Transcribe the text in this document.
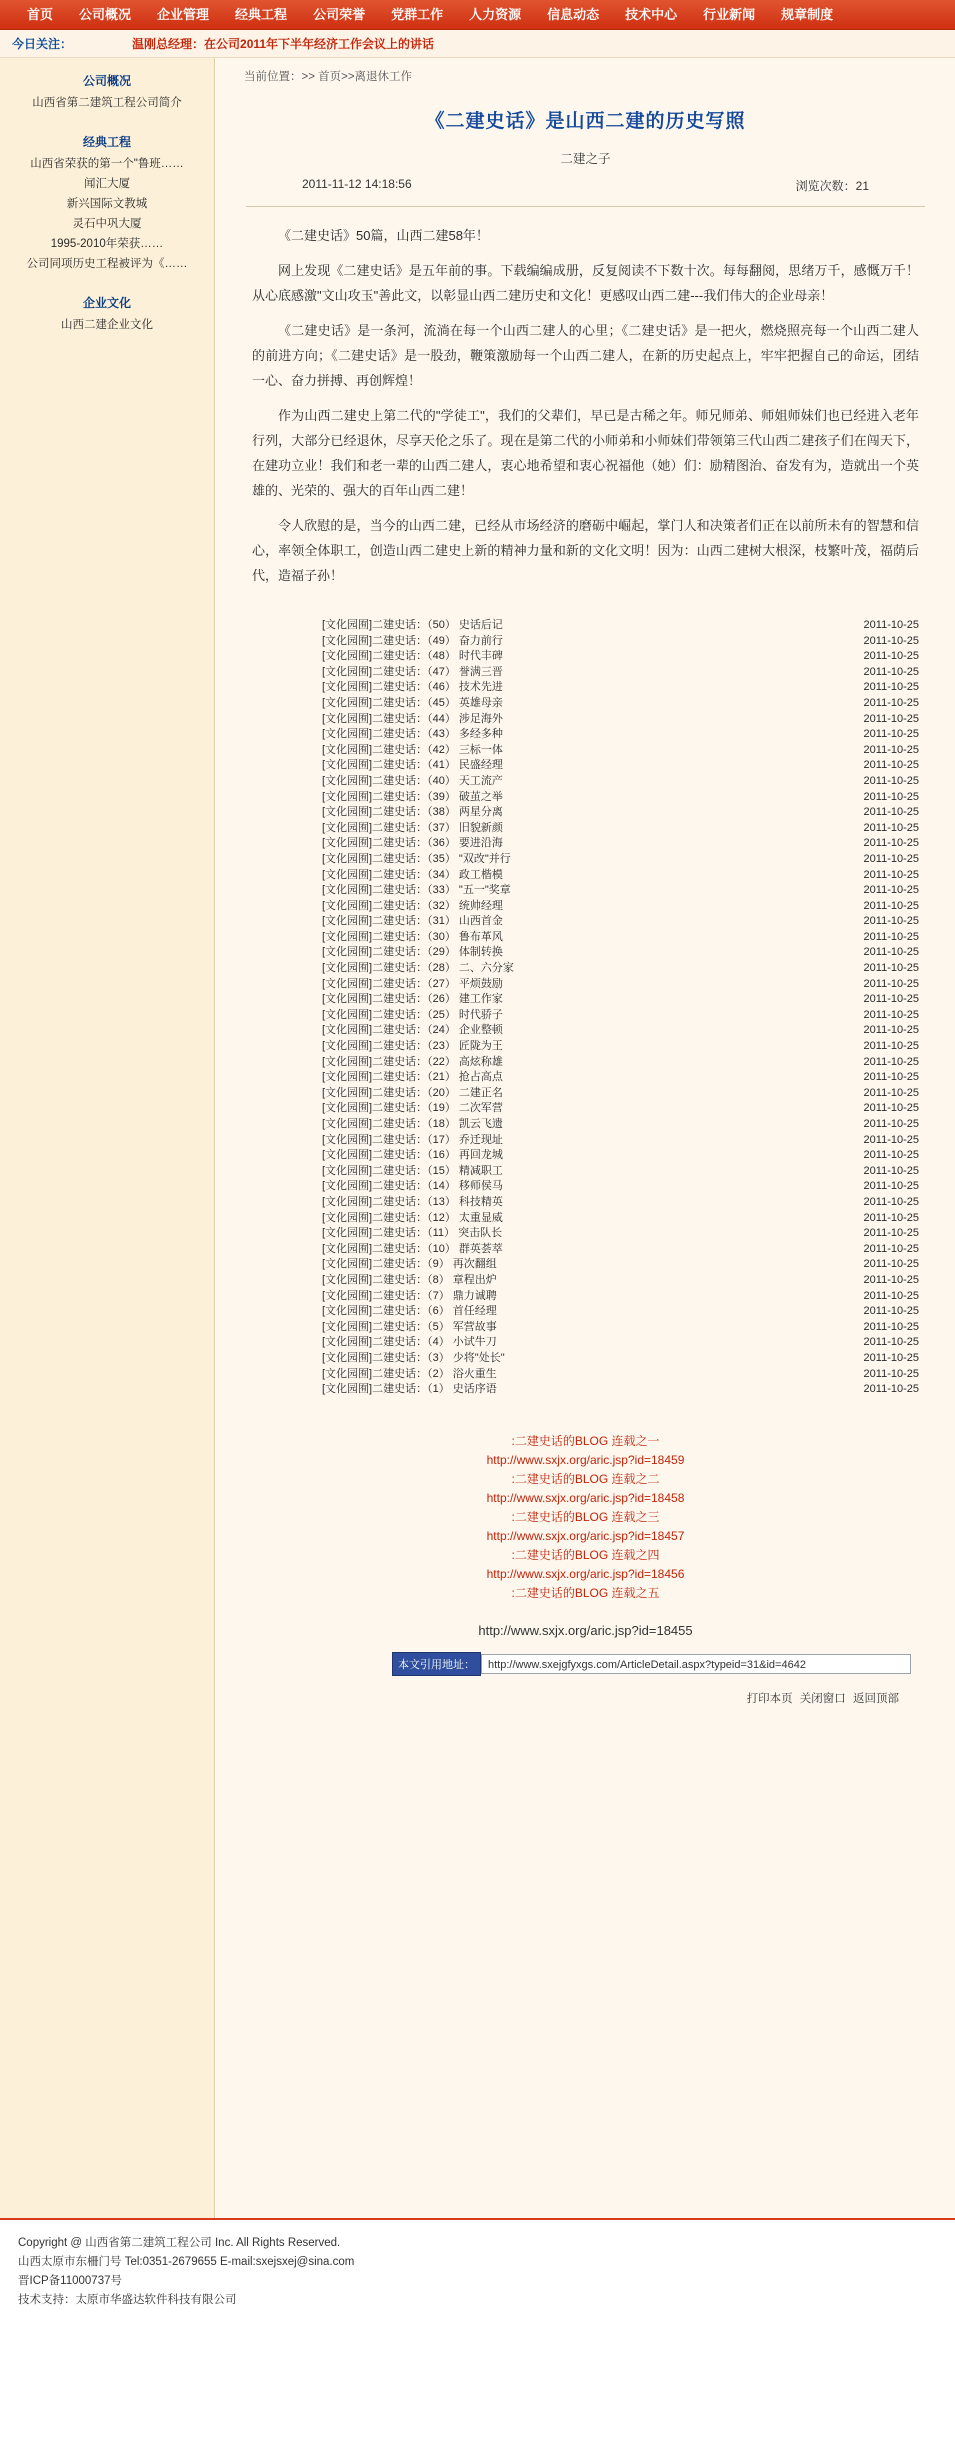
首页	公司概况	企业管理	经典工程	公司荣誉	党群工作	人力资源	信息动态	技术中心	行业新闻	规章制度
今日关注：	温刚总经理：在公司2011年下半年经济工作会议上的讲话
公司概况
山西省第二建筑工程公司简介
经典工程
山西省荣获的第一个"鲁班……
闻汇大厦
新兴国际文教城
灵石中巩大厦
1995-2010年荣获……
公司同项历史工程被评为《……
企业文化
山西二建企业文化
当前位置：>> 首页>>离退休工作
《二建史话》是山西二建的历史写照
二建之子
2011-11-12 14:18:56	浏览次数：21

《二建史话》50篇，山西二建58年！

网上发现《二建史话》是五年前的事。下载编编成册，反复阅读不下数十次。每每翻阅，思绪万千，感慨万千！从心底感激"文山攻玉"善此文，以彰显山西二建历史和文化！更感叹山西二建---我们伟大的企业母亲！

《二建史话》是一条河，流淌在每一个山西二建人的心里；《二建史话》是一把火，燃烧照亮每一个山西二建人的前进方向；《二建史话》是一股劲，鞭策激励每一个山西二建人，在新的历史起点上，牢牢把握自己的命运，团结一心、奋力拼搏、再创辉煌！

作为山西二建史上第二代的"学徒工"，我们的父辈们，早已是古稀之年。师兄师弟、师姐师妹们也已经进入老年行列，大部分已经退休，尽享天伦之乐了。现在是第二代的小师弟和小师妹们带领第三代山西二建孩子们在闯天下，在建功立业！我们和老一辈的山西二建人，衷心地希望和衷心祝福他（她）们：励精图治、奋发有为，造就出一个英雄的、光荣的、强大的百年山西二建！

令人欣慰的是，当今的山西二建，已经从市场经济的磨砺中崛起，掌门人和决策者们正在以前所未有的智慧和信心，率领全体职工，创造山西二建史上新的精神力量和新的文化文明！因为：山西二建树大根深，枝繁叶茂，福荫后代，造福子孙！

[文化园囿] 二建史话：（50） 史话后记	2011-10-25
[文化园囿] 二建史话：（49） 奋力前行	2011-10-25
[文化园囿] 二建史话：（48） 时代丰碑	2011-10-25
[文化园囿] 二建史话：（47） 誉满三晋	2011-10-25
[文化园囿] 二建史话：（46） 技术先进	2011-10-25
[文化园囿] 二建史话：（45） 英雄母亲	2011-10-25
[文化园囿] 二建史话：（44） 涉足海外	2011-10-25
[文化园囿] 二建史话：（43） 多经多种	2011-10-25
[文化园囿] 二建史话：（42） 三标一体	2011-10-25
[文化园囿] 二建史话：（41） 民盛经理	2011-10-25
[文化园囿] 二建史话：（40） 天工流产	2011-10-25
[文化园囿] 二建史话：（39） 破茧之举	2011-10-25
[文化园囿] 二建史话：（38） 两星分离	2011-10-25
[文化园囿] 二建史话：（37） 旧貌新颜	2011-10-25
[文化园囿] 二建史话：（36） 要进沿海	2011-10-25
[文化园囿] 二建史话：（35） "双改"并行	2011-10-25
[文化园囿] 二建史话：（34） 政工楷模	2011-10-25
[文化园囿] 二建史话：（33） "五一"奖章	2011-10-25
[文化园囿] 二建史话：（32） 统帅经理	2011-10-25
[文化园囿] 二建史话：（31） 山西首金	2011-10-25
[文化园囿] 二建史话：（30） 鲁布革风	2011-10-25
[文化园囿] 二建史话：（29） 体制转换	2011-10-25
[文化园囿] 二建史话：（28） 二、六分家	2011-10-25
[文化园囿] 二建史话：（27） 平烦鼓励	2011-10-25
[文化园囿] 二建史话：（26） 建工作家	2011-10-25
[文化园囿] 二建史话：（25） 时代骄子	2011-10-25
[文化园囿] 二建史话：（24） 企业整顿	2011-10-25
[文化园囿] 二建史话：（23） 匠陇为王	2011-10-25
[文化园囿] 二建史话：（22） 高炫称雄	2011-10-25
[文化园囿] 二建史话：（21） 抢占高点	2011-10-25
[文化园囿] 二建史话：（20） 二建正名	2011-10-25
[文化园囿] 二建史话：（19） 二次军营	2011-10-25
[文化园囿] 二建史话：（18） 凯云飞遗	2011-10-25
[文化园囿] 二建史话：（17） 乔迁现址	2011-10-25
[文化园囿] 二建史话：（16） 再回龙城	2011-10-25
[文化园囿] 二建史话：（15） 精减职工	2011-10-25
[文化园囿] 二建史话：（14） 移师侯马	2011-10-25
[文化园囿] 二建史话：（13） 科技精英	2011-10-25
[文化园囿] 二建史话：（12） 太重显威	2011-10-25
[文化园囿] 二建史话：（11） 突击队长	2011-10-25
[文化园囿] 二建史话：（10） 群英荟萃	2011-10-25
[文化园囿] 二建史话：（9） 再次翻组	2011-10-25
[文化园囿] 二建史话：（8） 章程出炉	2011-10-25
[文化园囿] 二建史话：（7） 鼎力诚聘	2011-10-25
[文化园囿] 二建史话：（6） 首任经理	2011-10-25
[文化园囿] 二建史话：（5） 军营故事	2011-10-25
[文化园囿] 二建史话：（4） 小试牛刀	2011-10-25
[文化园囿] 二建史话：（3） 少将"处长"	2011-10-25
[文化园囿] 二建史话：（2） 浴火重生	2011-10-25
[文化园囿] 二建史话：（1） 史话序语	2011-10-25
:二建史话的BLOG 连载之一
http://www.sxjx.org/aric.jsp?id=18459
:二建史话的BLOG 连载之二
http://www.sxjx.org/aric.jsp?id=18458
:二建史话的BLOG 连载之三
http://www.sxjx.org/aric.jsp?id=18457
:二建史话的BLOG 连载之四
http://www.sxjx.org/aric.jsp?id=18456
:二建史话的BLOG 连载之五
http://www.sxjx.org/aric.jsp?id=18455
本文引用地址：	http://www.sxejgfyxgs.com/ArticleDetail.aspx?typeid=31&id=4642
打印本页 关闭窗口 返回顶部
Copyright @ 山西省第二建筑工程公司 Inc. All Rights Reserved.
山西太原市东柵门号 Tel:0351-2679655 E-mail:sxejsxej@sina.com
晋ICP备11000737号
技术支持：太原市华盛达软件科技有限公司
